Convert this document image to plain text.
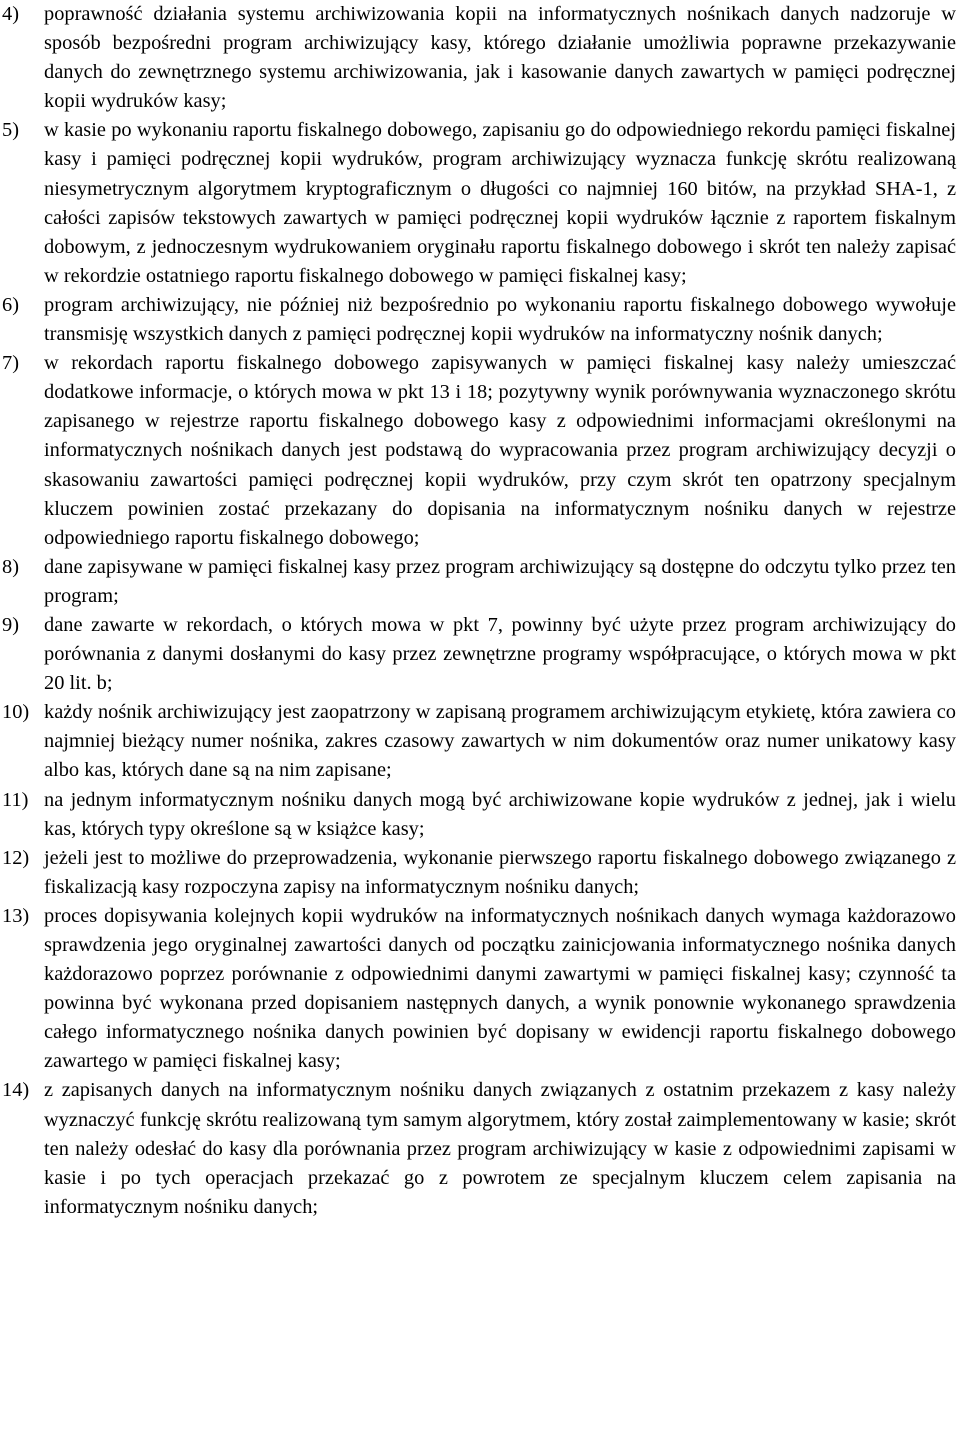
4)	poprawność działania systemu archiwizowania kopii na informatycznych nośnikach danych nadzoruje w sposób bezpośredni program archiwizujący kasy, którego działanie umożliwia poprawne przekazywanie danych do zewnętrznego systemu archiwizowania, jak i kasowanie danych zawartych w pamięci podręcznej kopii wydruków kasy;
5)	w kasie po wykonaniu raportu fiskalnego dobowego, zapisaniu go do odpowiedniego rekordu pamięci fiskalnej kasy i pamięci podręcznej kopii wydruków, program archiwizujący wyznacza funkcję skrótu realizowaną niesymetrycznym algorytmem kryptograficznym o długości co najmniej 160 bitów, na przykład SHA-1, z całości zapisów tekstowych zawartych w pamięci podręcznej kopii wydruków łącznie z raportem fiskalnym dobowym, z jednoczesnym wydrukowaniem oryginału raportu fiskalnego dobowego i skrót ten należy zapisać w rekordzie ostatniego raportu fiskalnego dobowego w pamięci fiskalnej kasy;
6)	program archiwizujący, nie później niż bezpośrednio po wykonaniu raportu fiskalnego dobowego wywołuje transmisję wszystkich danych z pamięci podręcznej kopii wydruków na informatyczny nośnik danych;
7)	w rekordach raportu fiskalnego dobowego zapisywanych w pamięci fiskalnej kasy należy umieszczać dodatkowe informacje, o których mowa w pkt 13 i 18; pozytywny wynik porównywania wyznaczonego skrótu zapisanego w rejestrze raportu fiskalnego dobowego kasy z odpowiednimi informacjami określonymi na informatycznych nośnikach danych jest podstawą do wypracowania przez program archiwizujący decyzji o skasowaniu zawartości pamięci podręcznej kopii wydruków, przy czym skrót ten opatrzony specjalnym kluczem powinien zostać przekazany do dopisania na informatycznym nośniku danych w rejestrze odpowiedniego raportu fiskalnego dobowego;
8)	dane zapisywane w pamięci fiskalnej kasy przez program archiwizujący są dostępne do odczytu tylko przez ten program;
9)	dane zawarte w rekordach, o których mowa w pkt 7, powinny być użyte przez program archiwizujący do porównania z danymi dosłanymi do kasy przez zewnętrzne programy współpracujące, o których mowa w pkt 20 lit. b;
10) każdy nośnik archiwizujący jest zaopatrzony w zapisaną programem archiwizującym etykietę, która zawiera co najmniej bieżący numer nośnika, zakres czasowy zawartych w nim dokumentów oraz numer unikatowy kasy albo kas, których dane są na nim zapisane;
11) na jednym informatycznym nośniku danych mogą być archiwizowane kopie wydruków z jednej, jak i wielu kas, których typy określone są w książce kasy;
12) jeżeli jest to możliwe do przeprowadzenia, wykonanie pierwszego raportu fiskalnego dobowego związanego z fiskalizacją kasy rozpoczyna zapisy na informatycznym nośniku danych;
13) proces dopisywania kolejnych kopii wydruków na informatycznych nośnikach danych wymaga każdorazowo sprawdzenia jego oryginalnej zawartości danych od początku zainicjowania informatycznego nośnika danych każdorazowo poprzez porównanie z odpowiednimi danymi zawartymi w pamięci fiskalnej kasy; czynność ta powinna być wykonana przed dopisaniem następnych danych, a wynik ponownie wykonanego sprawdzenia całego informatycznego nośnika danych powinien być dopisany w ewidencji raportu fiskalnego dobowego zawartego w pamięci fiskalnej kasy;
14) z zapisanych danych na informatycznym nośniku danych związanych z ostatnim przekazem z kasy należy wyznaczyć funkcję skrótu realizowaną tym samym algorytmem, który został zaimplementowany w kasie; skrót ten należy odesłać do kasy dla porównania przez program archiwizujący w kasie z odpowiednimi zapisami w kasie i po tych operacjach przekazać go z powrotem ze specjalnym kluczem celem zapisania na informatycznym nośniku danych;
